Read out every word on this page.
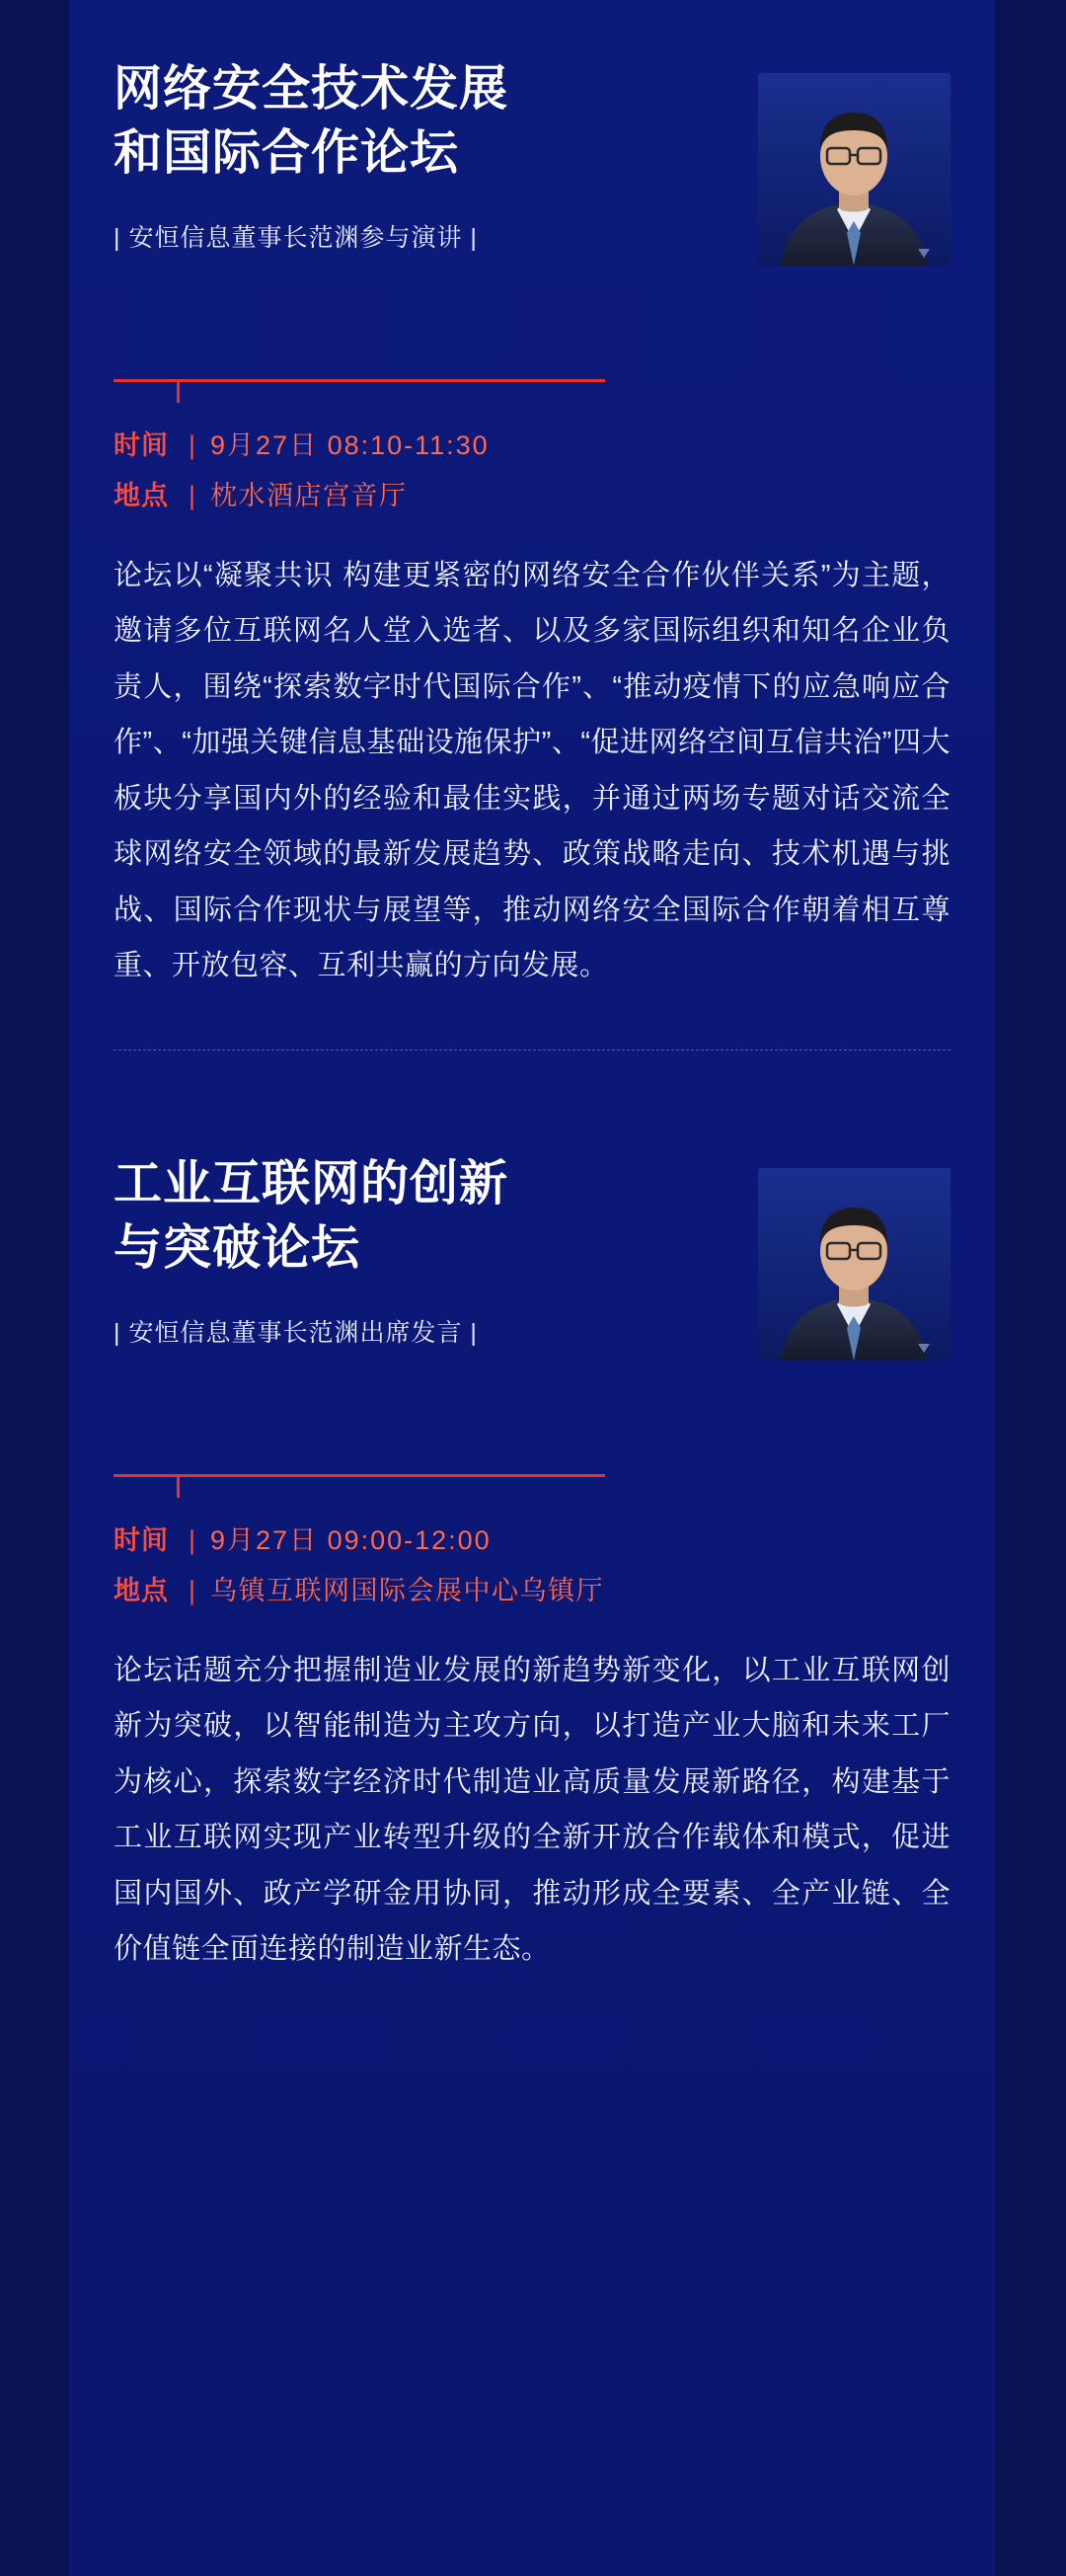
网络安全技术发展
和国际合作论坛
| 安恒信息董事长范渊参与演讲 |
时间 | 9月27日 08:10-11:30
地点 | 枕水酒店宫音厅
论坛以“凝聚共识 构建更紧密的网络安全合作伙伴关系”为主题，邀请多位互联网名人堂入选者、以及多家国际组织和知名企业负责人，围绕“探索数字时代国际合作”、“推动疫情下的应急响应合作”、“加强关键信息基础设施保护”、“促进网络空间互信共治”四大板块分享国内外的经验和最佳实践，并通过两场专题对话交流全球网络安全领域的最新发展趋势、政策战略走向、技术机遇与挑战、国际合作现状与展望等，推动网络安全国际合作朝着相互尊重、开放包容、互利共赢的方向发展。
工业互联网的创新
与突破论坛
| 安恒信息董事长范渊出席发言 |
时间 | 9月27日 09:00-12:00
地点 | 乌镇互联网国际会展中心乌镇厅
论坛话题充分把握制造业发展的新趋势新变化，以工业互联网创新为突破，以智能制造为主攻方向，以打造产业大脑和未来工厂为核心，探索数字经济时代制造业高质量发展新路径，构建基于工业互联网实现产业转型升级的全新开放合作载体和模式，促进国内国外、政产学研金用协同，推动形成全要素、全产业链、全价值链全面连接的制造业新生态。
